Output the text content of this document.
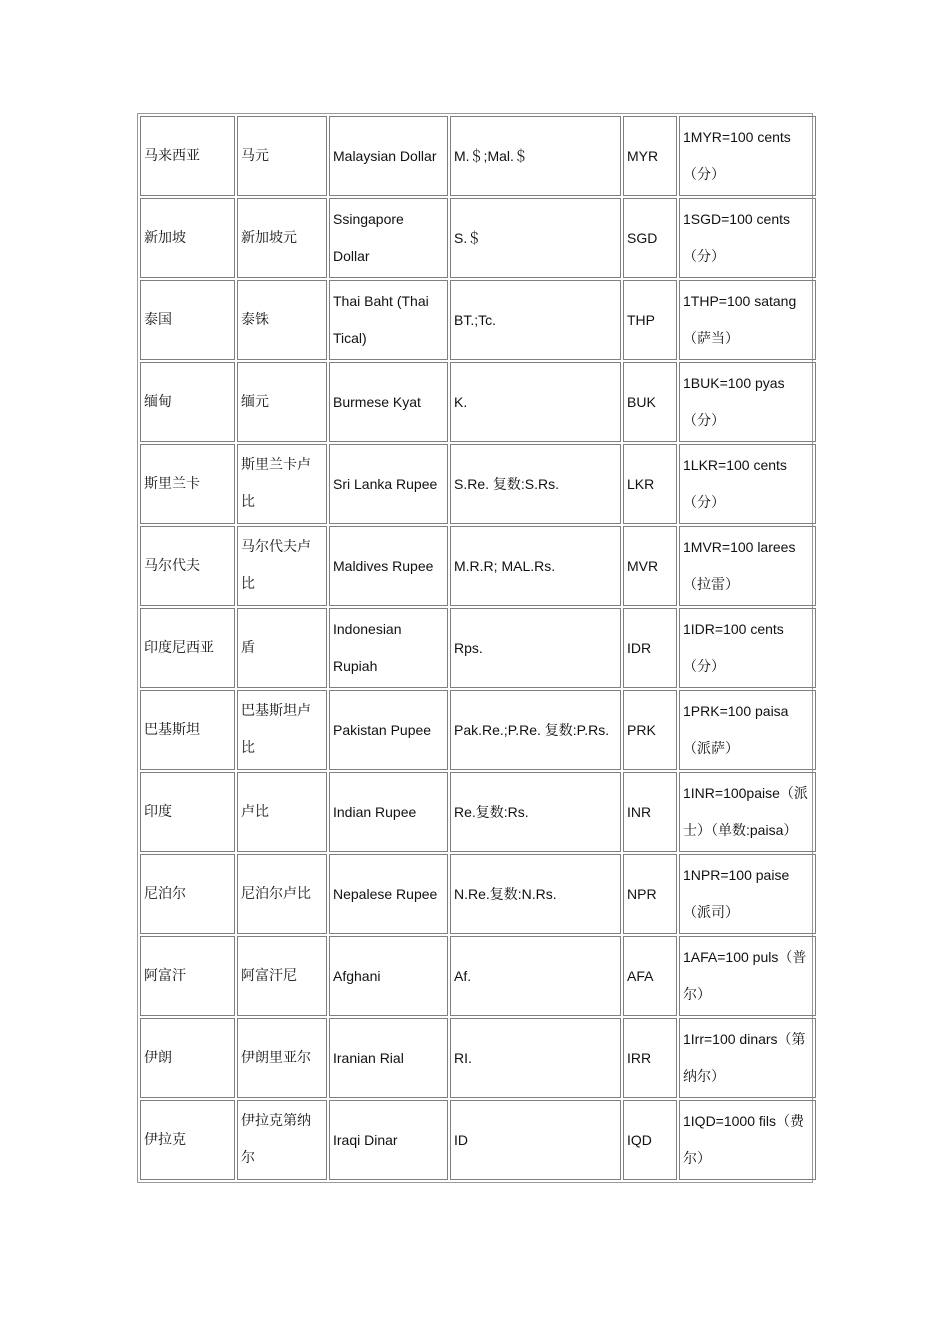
马来西亚	马元	Malaysian Dollar	M.＄;Mal.＄	MYR	1MYR=100 cents（分）
新加坡	新加坡元	Ssingapore Dollar	S.＄	SGD	1SGD=100 cents（分）
泰国	泰铢	Thai Baht (Thai Tical)	BT.;Tc.	THP	1THP=100 satang（萨当）
缅甸	缅元	Burmese Kyat	K.	BUK	1BUK=100 pyas（分）
斯里兰卡	斯里兰卡卢比	Sri Lanka Rupee	S.Re. 复数:S.Rs.	LKR	1LKR=100 cents（分）
马尔代夫	马尔代夫卢比	Maldives Rupee	M.R.R; MAL.Rs.	MVR	1MVR=100 larees（拉雷）
印度尼西亚	盾	Indonesian Rupiah	Rps.	IDR	1IDR=100 cents（分）
巴基斯坦	巴基斯坦卢比	Pakistan Pupee	Pak.Re.;P.Re. 复数:P.Rs.	PRK	1PRK=100 paisa（派萨）
印度	卢比	Indian Rupee	Re.复数:Rs.	INR	1INR=100paise（派士）（单数:paisa）
尼泊尔	尼泊尔卢比	Nepalese Rupee	N.Re.复数:N.Rs.	NPR	1NPR=100 paise（派司）
阿富汗	阿富汗尼	Afghani	Af.	AFA	1AFA=100 puls（普尔）
伊朗	伊朗里亚尔	Iranian Rial	RI.	IRR	1Irr=100 dinars（第纳尔）
伊拉克	伊拉克第纳尔	Iraqi Dinar	ID	IQD	1IQD=1000 fils（费尔）
